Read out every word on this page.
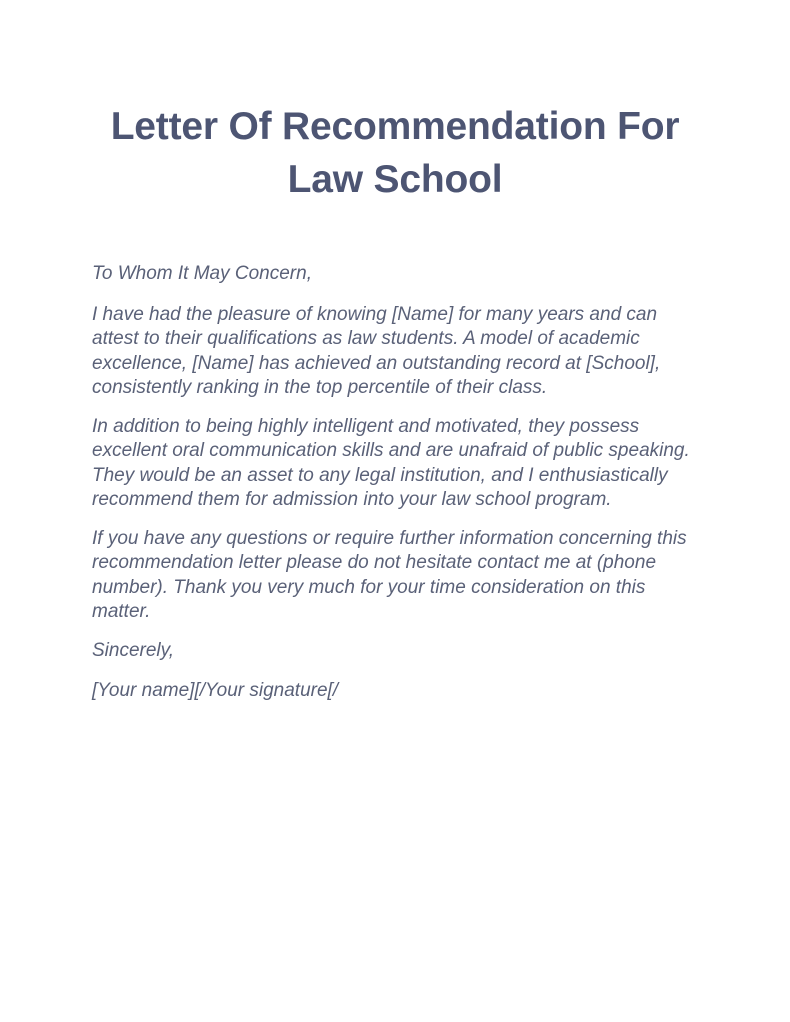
Letter Of Recommendation For
Law School

To Whom It May Concern,

I have had the pleasure of knowing [Name] for many years and can attest to their qualifications as law students. A model of academic excellence, [Name] has achieved an outstanding record at [School], consistently ranking in the top percentile of their class.

In addition to being highly intelligent and motivated, they possess excellent oral communication skills and are unafraid of public speaking. They would be an asset to any legal institution, and I enthusiastically recommend them for admission into your law school program.

If you have any questions or require further information concerning this recommendation letter please do not hesitate contact me at (phone number). Thank you very much for your time consideration on this matter.

Sincerely,

[Your name][/Your signature[/
